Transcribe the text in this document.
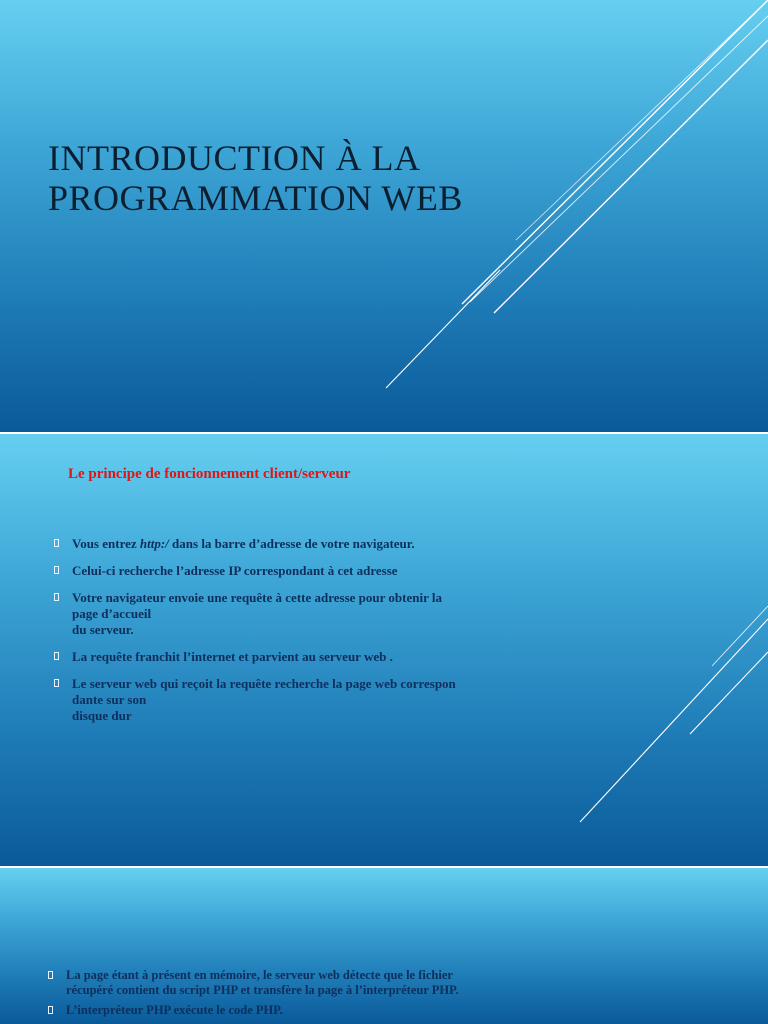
INTRODUCTION À LA
PROGRAMMATION WEB
Le principe de foncionnement client/serveur
Vous entrez http:/ dans la barre d’adresse de votre navigateur.
Celui-ci recherche l’adresse IP correspondant à cet adresse
Votre navigateur envoie une requête à cette adresse pour obtenir la
page d’accueil
du serveur.
La requête franchit l’internet et parvient au serveur web .
Le serveur web qui reçoit la requête recherche la page web correspon
dante sur son
disque dur
La page étant à présent en mémoire, le serveur web détecte que le fichier
récupéré contient du script PHP et transfère la page à l’interpréteur PHP.
L’interpréteur PHP exécute le code PHP.
